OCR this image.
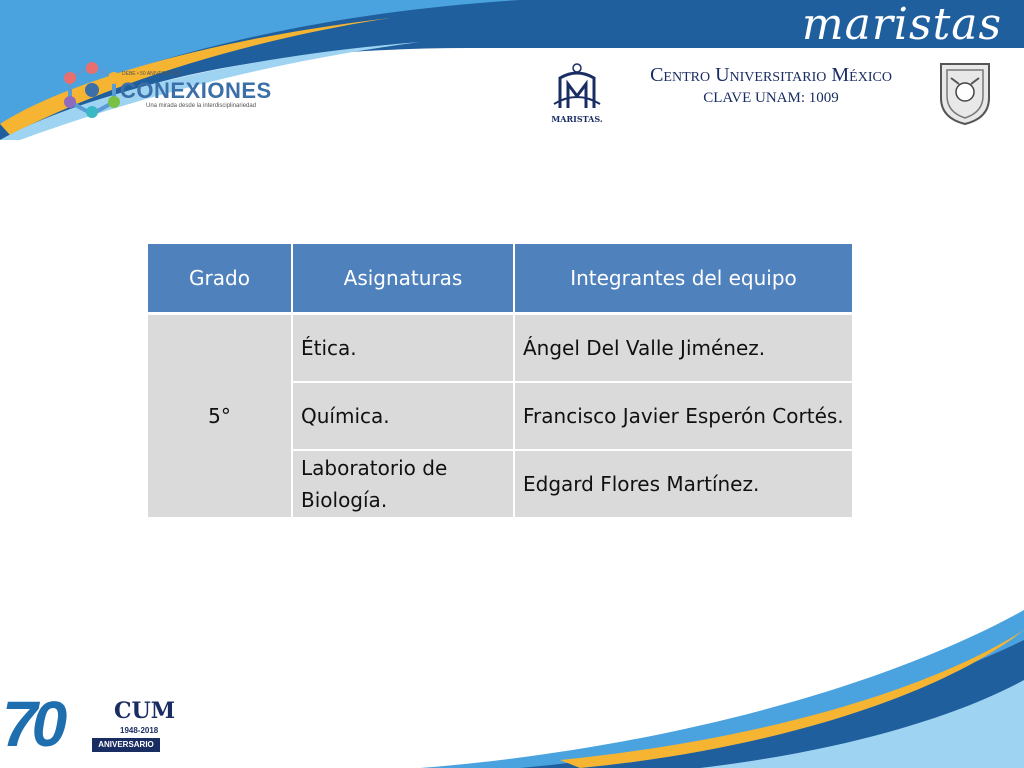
maristas
DEBE • 50 ANIVERSARIO
CONEXIONES
Una mirada desde la interdisciplinariedad
MARISTAS.
Centro Universitario México
CLAVE UNAM: 1009
Grado	Asignaturas	Integrantes del equipo
5°	Ética.	Ángel Del Valle Jiménez.
	Química.	Francisco Javier Esperón Cortés.
	Laboratorio de Biología.	Edgard Flores Martínez.
70 CUM
1948-2018
ANIVERSARIO
